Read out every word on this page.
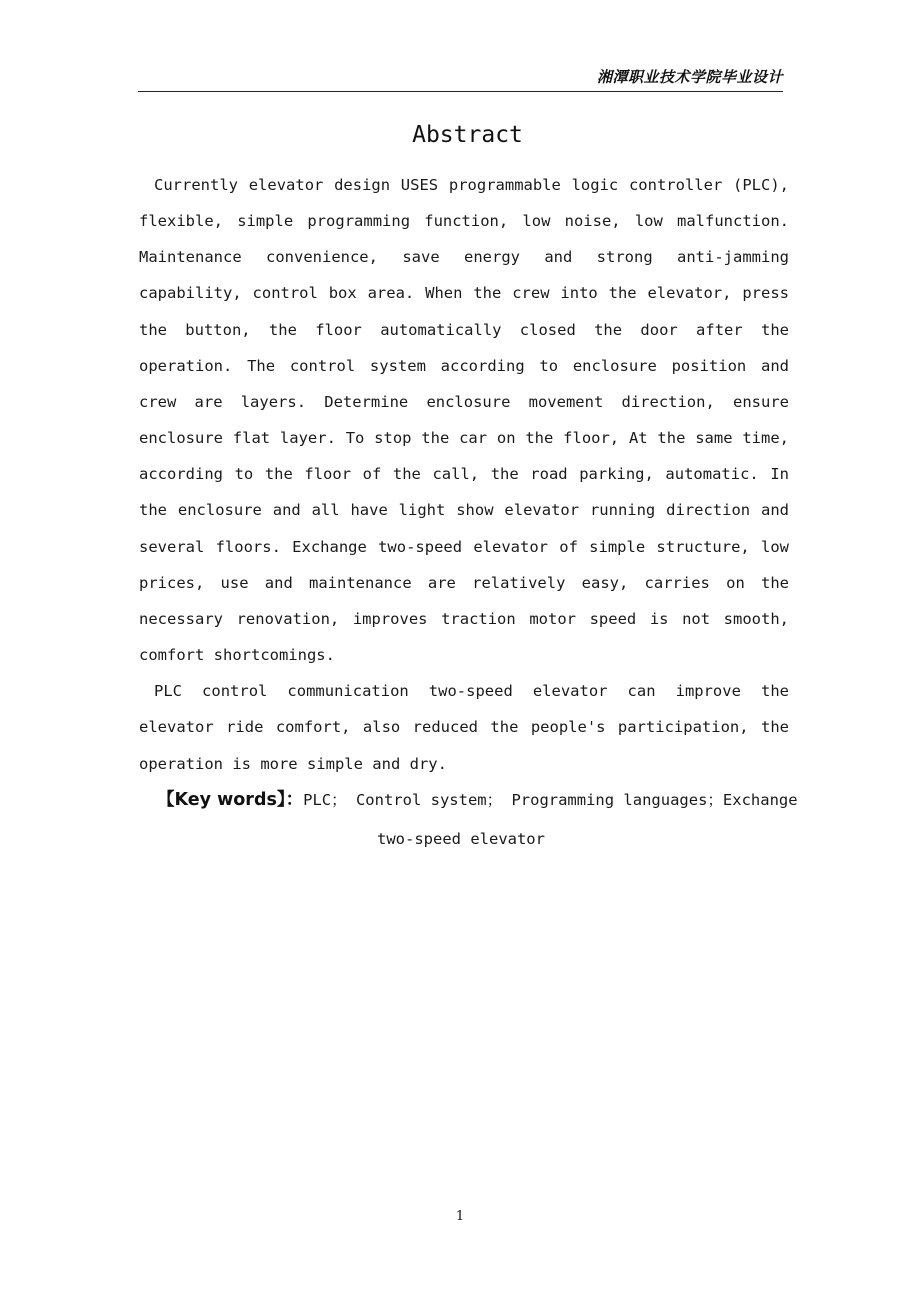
湘潭职业技术学院毕业设计
Abstract

Currently elevator design USES programmable logic controller (PLC), flexible, simple programming function, low noise, low malfunction. Maintenance convenience, save energy and strong anti-jamming capability, control box area. When the crew into the elevator, press the button, the floor automatically closed the door after the operation. The control system according to enclosure position and crew are layers. Determine enclosure movement direction, ensure enclosure flat layer. To stop the car on the floor, At the same time, according to the floor of the call, the road parking, automatic. In the enclosure and all have light show elevator running direction and several floors. Exchange two-speed elevator of simple structure, low prices, use and maintenance are relatively easy, carries on the necessary renovation, improves traction motor speed is not smooth, comfort shortcomings.

PLC control communication two-speed elevator can improve the elevator ride comfort, also reduced the people's participation, the operation is more simple and dry.

【Key words】：PLC； Control system； Programming languages；Exchange
two-speed elevator
1
